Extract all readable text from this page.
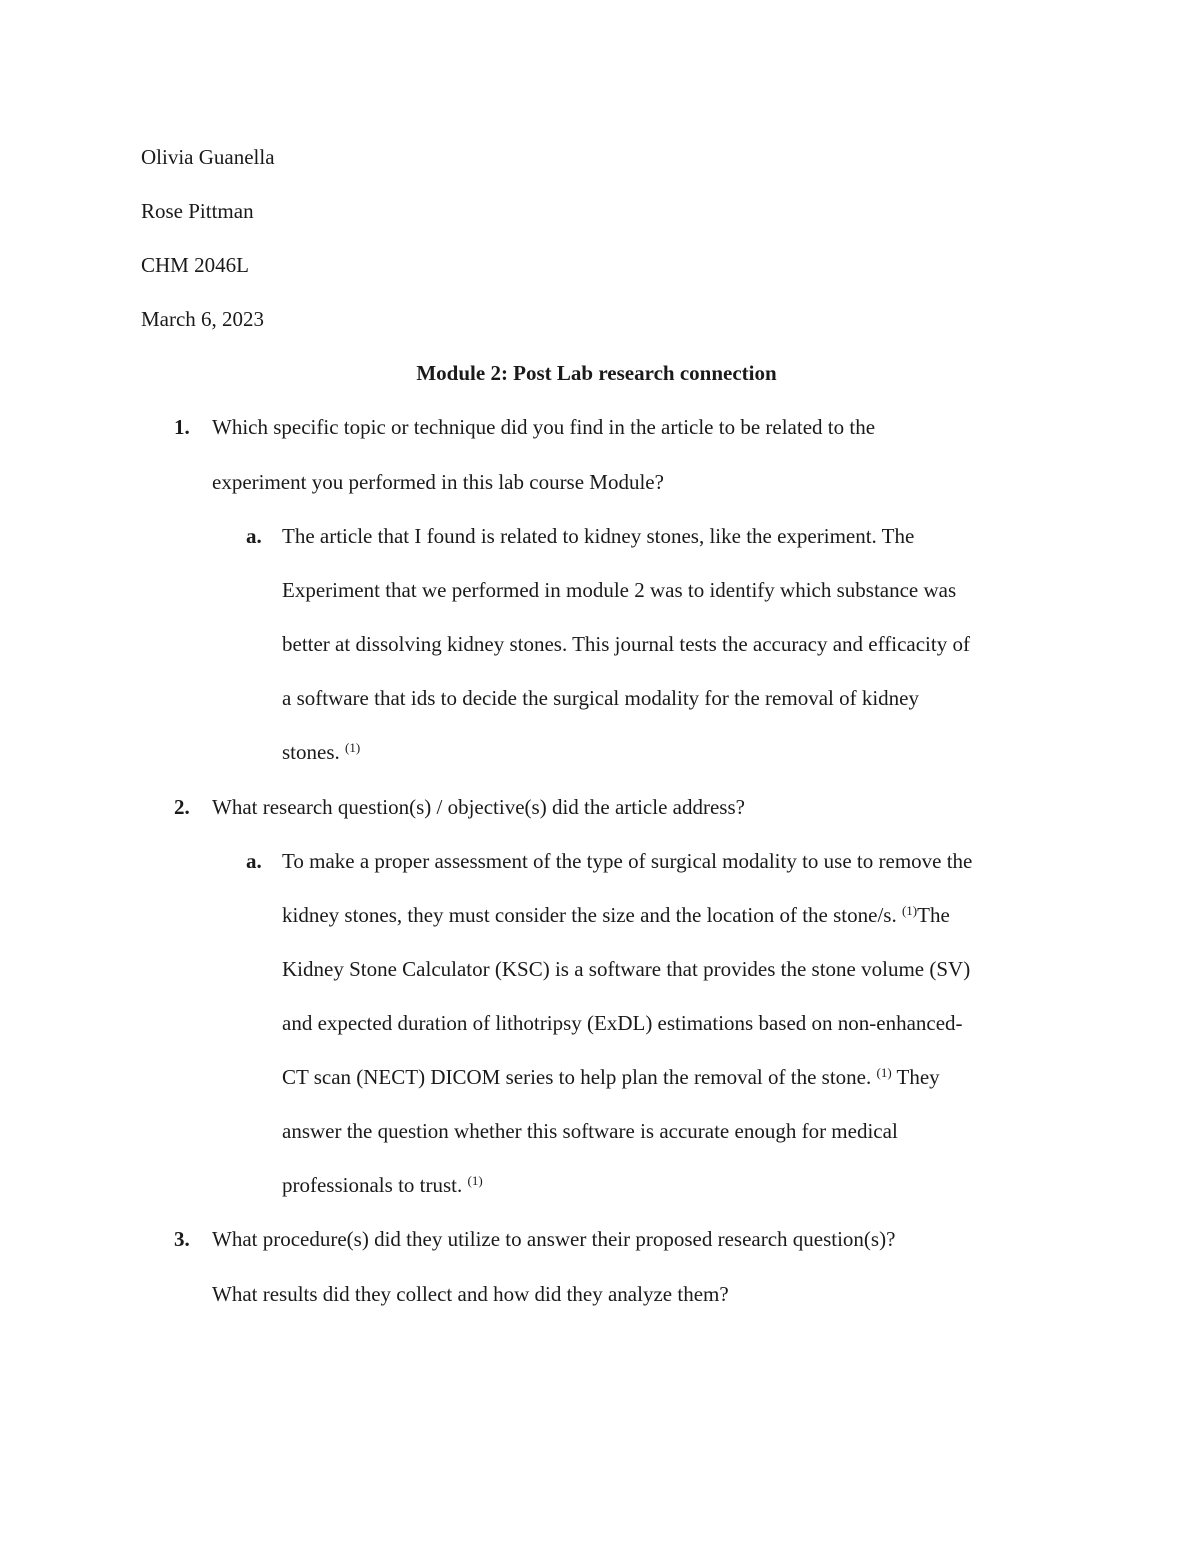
Olivia Guanella
Rose Pittman
CHM 2046L
March 6, 2023
Module 2: Post Lab research connection
1. Which specific topic or technique did you find in the article to be related to the
experiment you performed in this lab course Module?
a. The article that I found is related to kidney stones, like the experiment. The
Experiment that we performed in module 2 was to identify which substance was
better at dissolving kidney stones. This journal tests the accuracy and efficacity of
a software that ids to decide the surgical modality for the removal of kidney
stones. $^{(1)}$
2. What research question(s) / objective(s) did the article address?
a. To make a proper assessment of the type of surgical modality to use to remove the
kidney stones, they must consider the size and the location of the stone/s. $^{(1)}$The
Kidney Stone Calculator (KSC) is a software that provides the stone volume (SV)
and expected duration of lithotripsy (ExDL) estimations based on non-enhanced-
CT scan (NECT) DICOM series to help plan the removal of the stone. $^{(1)}$ They
answer the question whether this software is accurate enough for medical
professionals to trust. $^{(1)}$
3. What procedure(s) did they utilize to answer their proposed research question(s)?
What results did they collect and how did they analyze them?
